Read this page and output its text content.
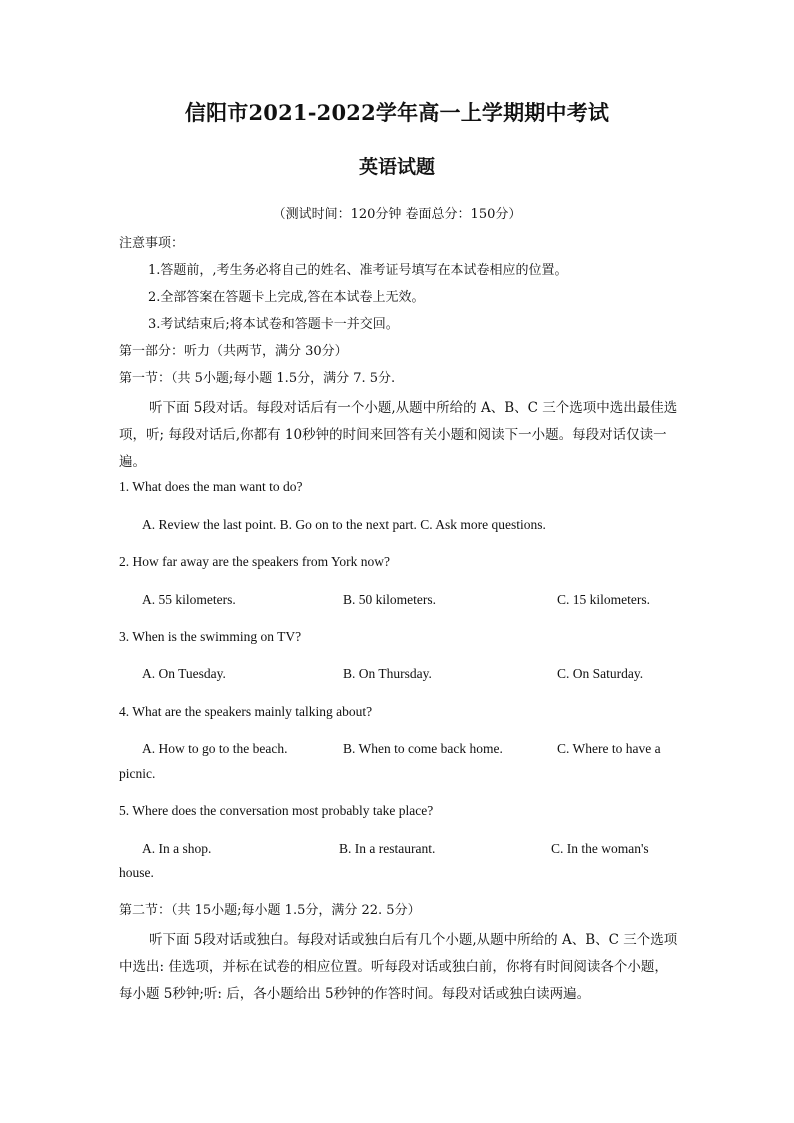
信阳市2021-2022学年高一上学期期中考试
英语试题
（测试时间：120分钟 卷面总分：150分）
注意事项：
1.答题前，,考生务必将自己的姓名、准考证号填写在本试卷相应的位置。
2.全部答案在答题卡上完成,答在本试卷上无效。
3.考试结束后;将本试卷和答题卡一并交回。
第一部分：听力（共两节，满分 30分）
第一节：（共 5小题;每小题 1.5分，满分 7. 5分.
听下面 5段对话。每段对话后有一个小题,从题中所给的 A、B、C 三个选项中选出最佳选项，听; 每段对话后,你都有 10秒钟的时间来回答有关小题和阅读下一小题。每段对话仅读一遍。
1. What does the man want to do?
A. Review the last point. B. Go on to the next part. C. Ask more questions.
2. How far away are the speakers from York now?
A. 55 kilometers.	B. 50 kilometers.	C. 15 kilometers.
3. When is the swimming on TV?
A. On Tuesday.	B. On Thursday.	C. On Saturday.
4. What are the speakers mainly talking about?
A. How to go to the beach.	B. When to come back home.	C. Where to have a
picnic.
5. Where does the conversation most probably take place?
A. In a shop.	B. In a restaurant.	C. In the woman's
house.
第二节：（共 15小题;每小题 1.5分，满分 22. 5分）
听下面 5段对话或独白。每段对话或独白后有几个小题,从题中所给的 A、B、C 三个选项中选出: 佳选项，并标在试卷的相应位置。听每段对话或独白前，你将有时间阅读各个小题，每小题 5秒钟;听: 后，各小题给出 5秒钟的作答时间。每段对话或独白读两遍。
